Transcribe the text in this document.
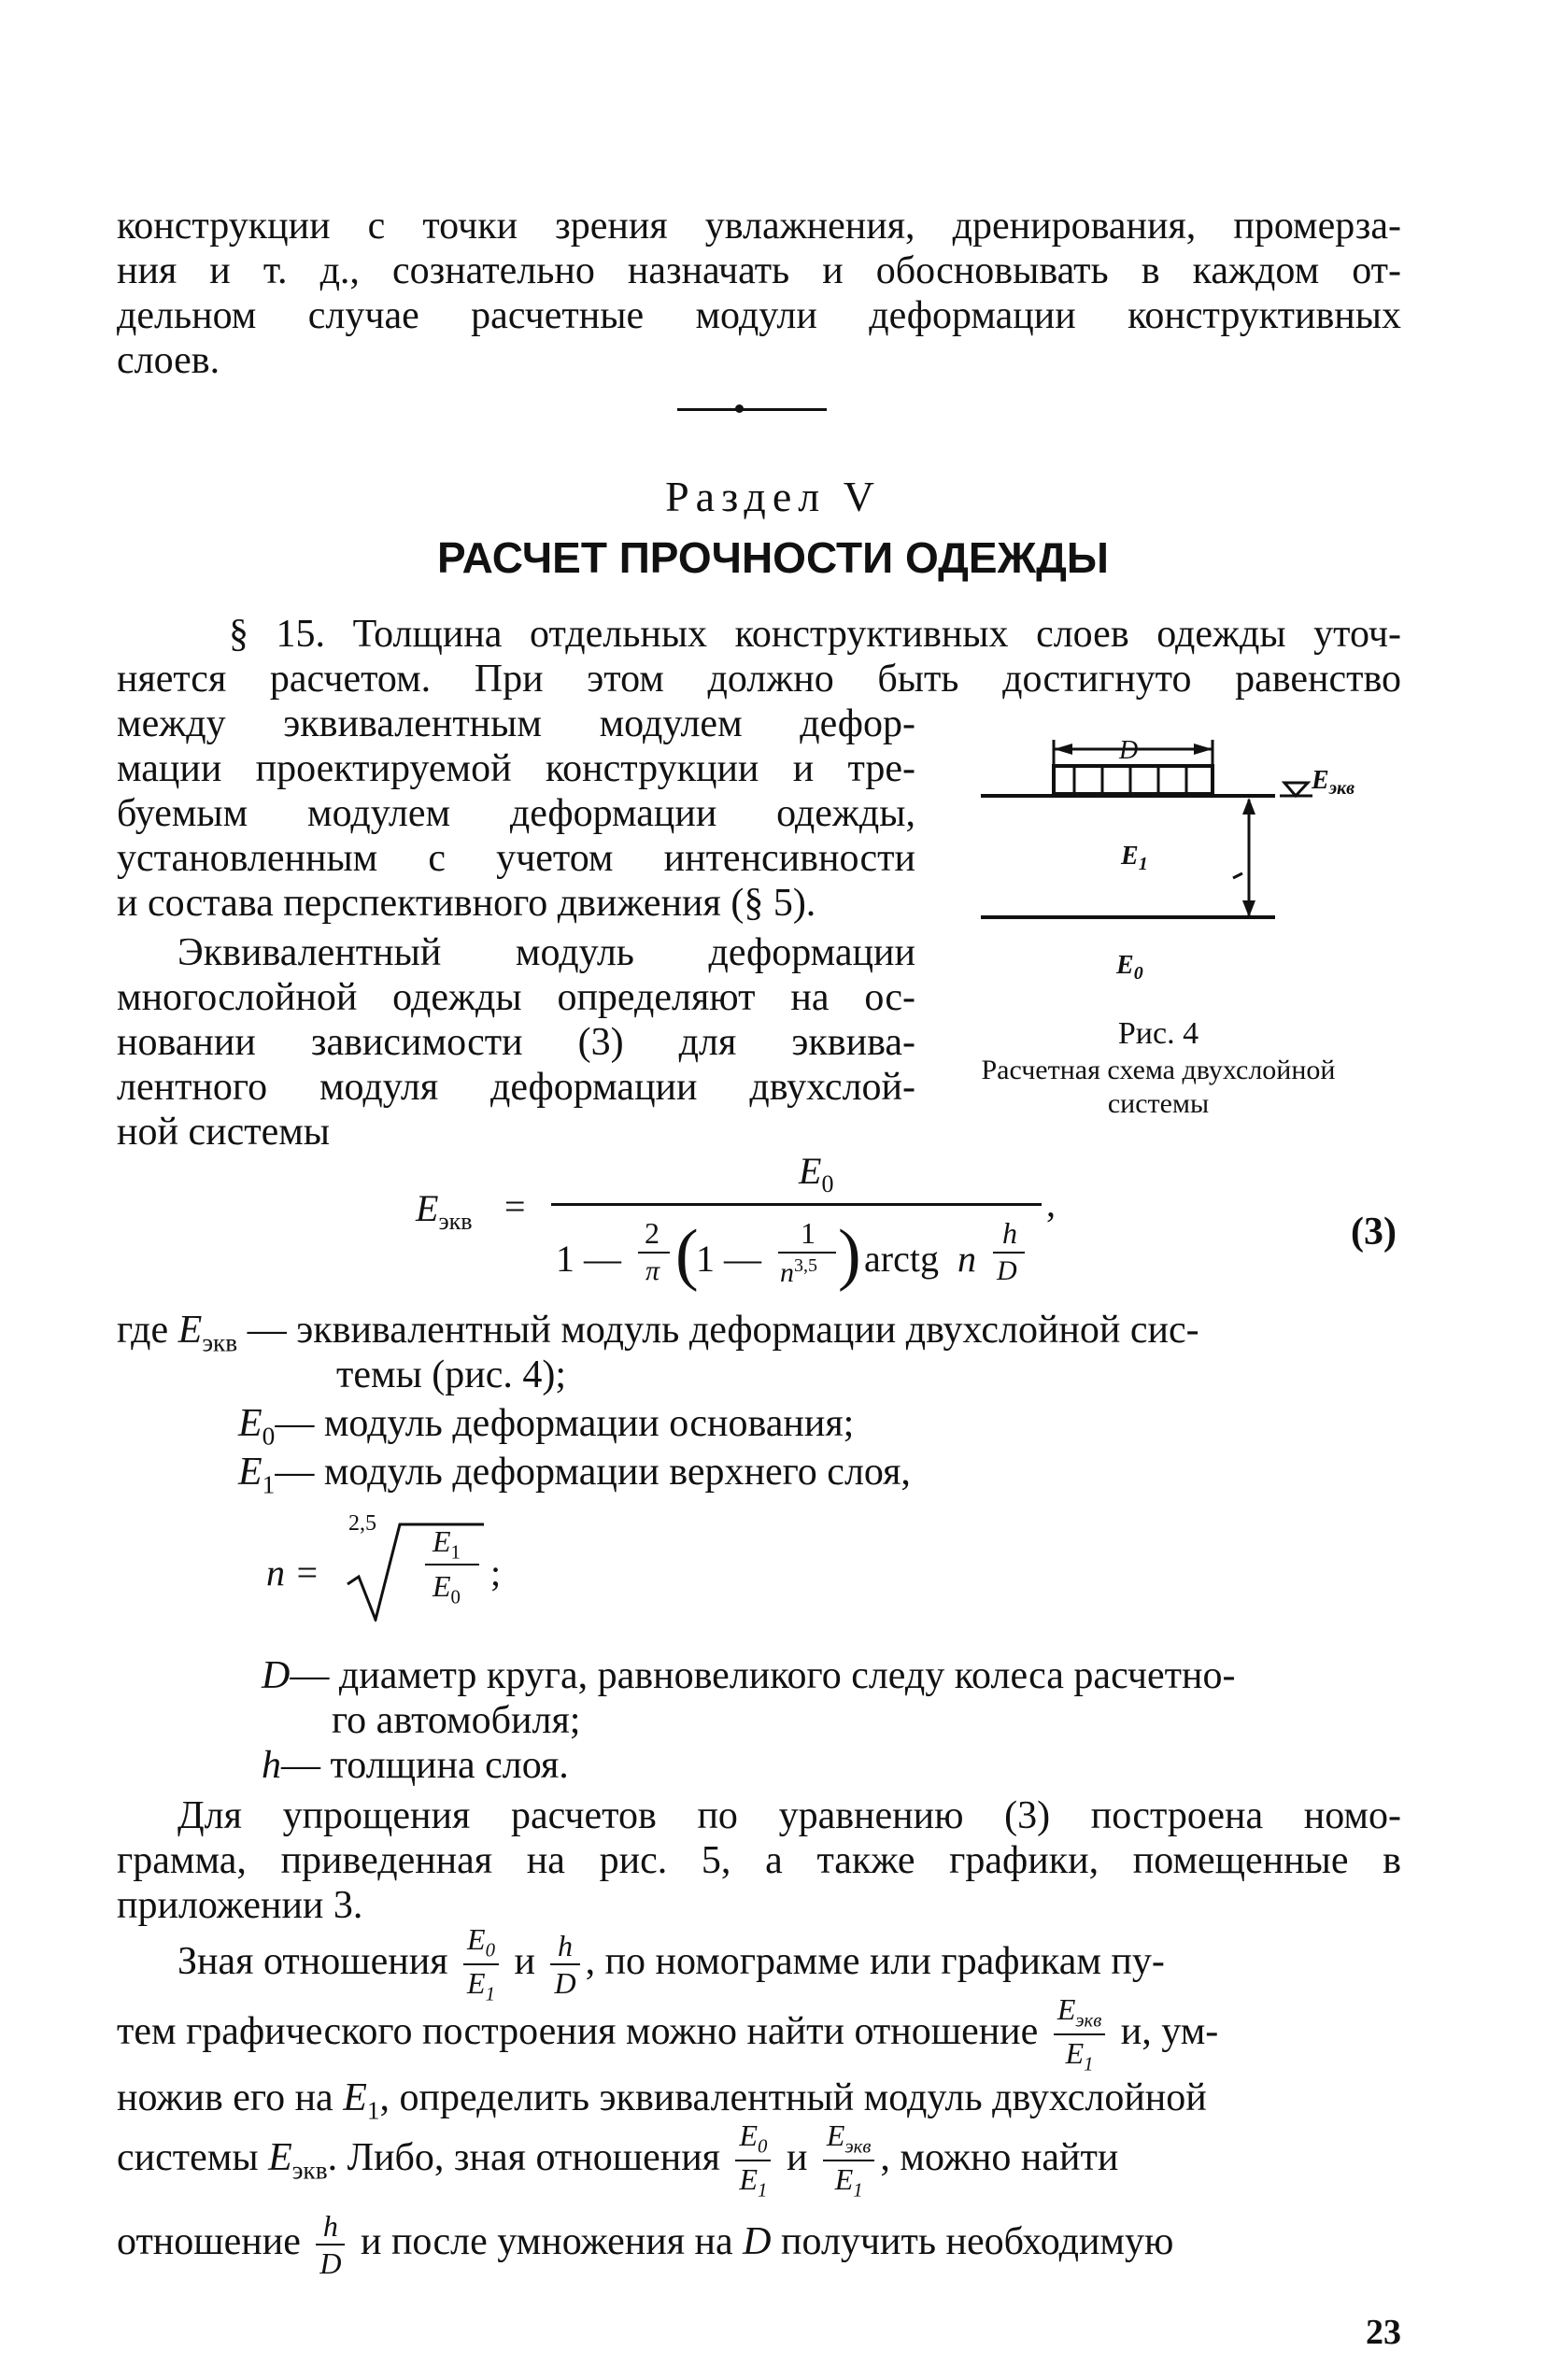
конструкции с точки зрения увлажнения, дренирования, промерза-
ния и т. д., сознательно назначать и обосновывать в каждом от-
дельном случае расчетные модули деформации конструктивных
слоев.
Раздел V
РАСЧЕТ ПРОЧНОСТИ ОДЕЖДЫ
§ 15. Толщина отдельных конструктивных слоев одежды уточ-
няется расчетом. При этом должно быть достигнуто равенство
между эквивалентным модулем дефор-
мации проектируемой конструкции и тре-
буемым модулем деформации одежды,
установленным с учетом интенсивности
и состава перспективного движения (§ 5).
Эквивалентный модуль деформации
многослойной одежды определяют на ос-
новании зависимости (3) для эквива-
лентного модуля деформации двухслой-
ной системы
D
$E_{экв}$
$E_1$
$E_0$
Рис. 4
Расчетная схема двухслойной системы
$E_{экв}$ =
$E_0$	,
1 —
2
π (
1 —
1
$n^{3,5}$ ) arctg n
h
D
(3)
где $E_{экв}$ — эквивалентный модуль деформации двухслойной сис-
темы (рис. 4);
$E_0—$ модуль деформации основания;
$E_1—$ модуль деформации верхнего слоя,
n =
2,5
$E_1$
$E_0$
;
D— диаметр круга, равновеликого следу колеса расчетно-
го автомобиля;
h— толщина слоя.
Для упрощения расчетов по уравнению (3) построена номо-
грамма, приведенная на рис. 5, а также графики, помещенные в
приложении 3.
Зная отношения $\frac{E_0}{E_1}$ и $\frac{h}{D}$ , по номограмме или графикам пу-
тем графического построения можно найти отношение $\frac{E_{экв}}{E_1} и$, ум-
ножив его на $E_1$, определить эквивалентный модуль двухслойной
системы $E_{экв}$. Либо, зная отношения $\frac{E_0}{E_1}$ и $\frac{E_{экв}}{E_1}$ , можно найти
отношение $\frac{h}{D}$ и после умножения на D получить необходимую
23
